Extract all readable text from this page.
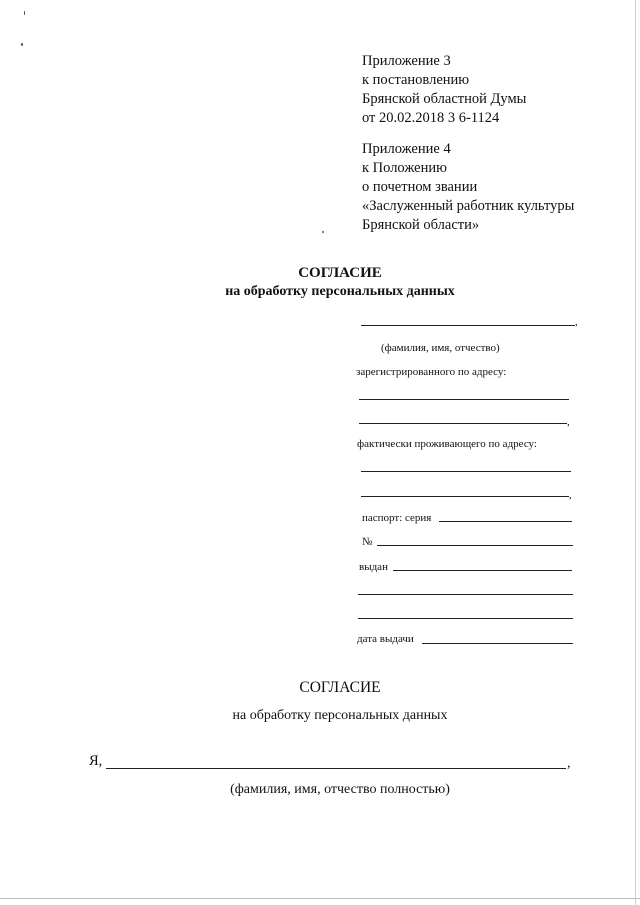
Приложение 3
к постановлению
Брянской областной Думы
от 20.02.2018 3 6-1124
Приложение 4
к Положению
о почетном звании
«Заслуженный работник культуры
Брянской области»
СОГЛАСИЕ
на обработку персональных данных
,
(фамилия, имя, отчество)
зарегистрированного по адресу:
,
фактически проживающего по адресу:
,
паспорт: серия
№
выдан
дата выдачи
СОГЛАСИЕ
на обработку персональных данных
Я,	,
(фамилия, имя, отчество полностью)
